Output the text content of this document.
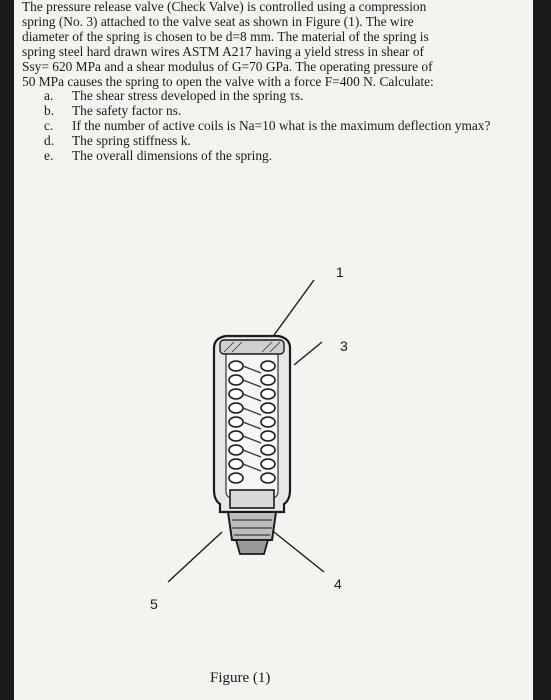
The pressure release valve (Check Valve) is controlled using a compression
spring (No. 3) attached to the valve seat as shown in Figure (1). The wire
diameter of the spring is chosen to be d=8 mm. The material of the spring is
spring steel hard drawn wires ASTM A217 having a yield stress in shear of
Ssy= 620 MPa and a shear modulus of G=70 GPa. The operating pressure of
50 MPa causes the spring to open the valve with a force F=400 N. Calculate:

a.	The shear stress developed in the spring τs.
b.	The safety factor ns.
c.	If the number of active coils is Na=10 what is the maximum deflection ymax?
d.	The spring stiffness k.
e.	The overall dimensions of the spring.
1
3
4
5
Figure (1)
